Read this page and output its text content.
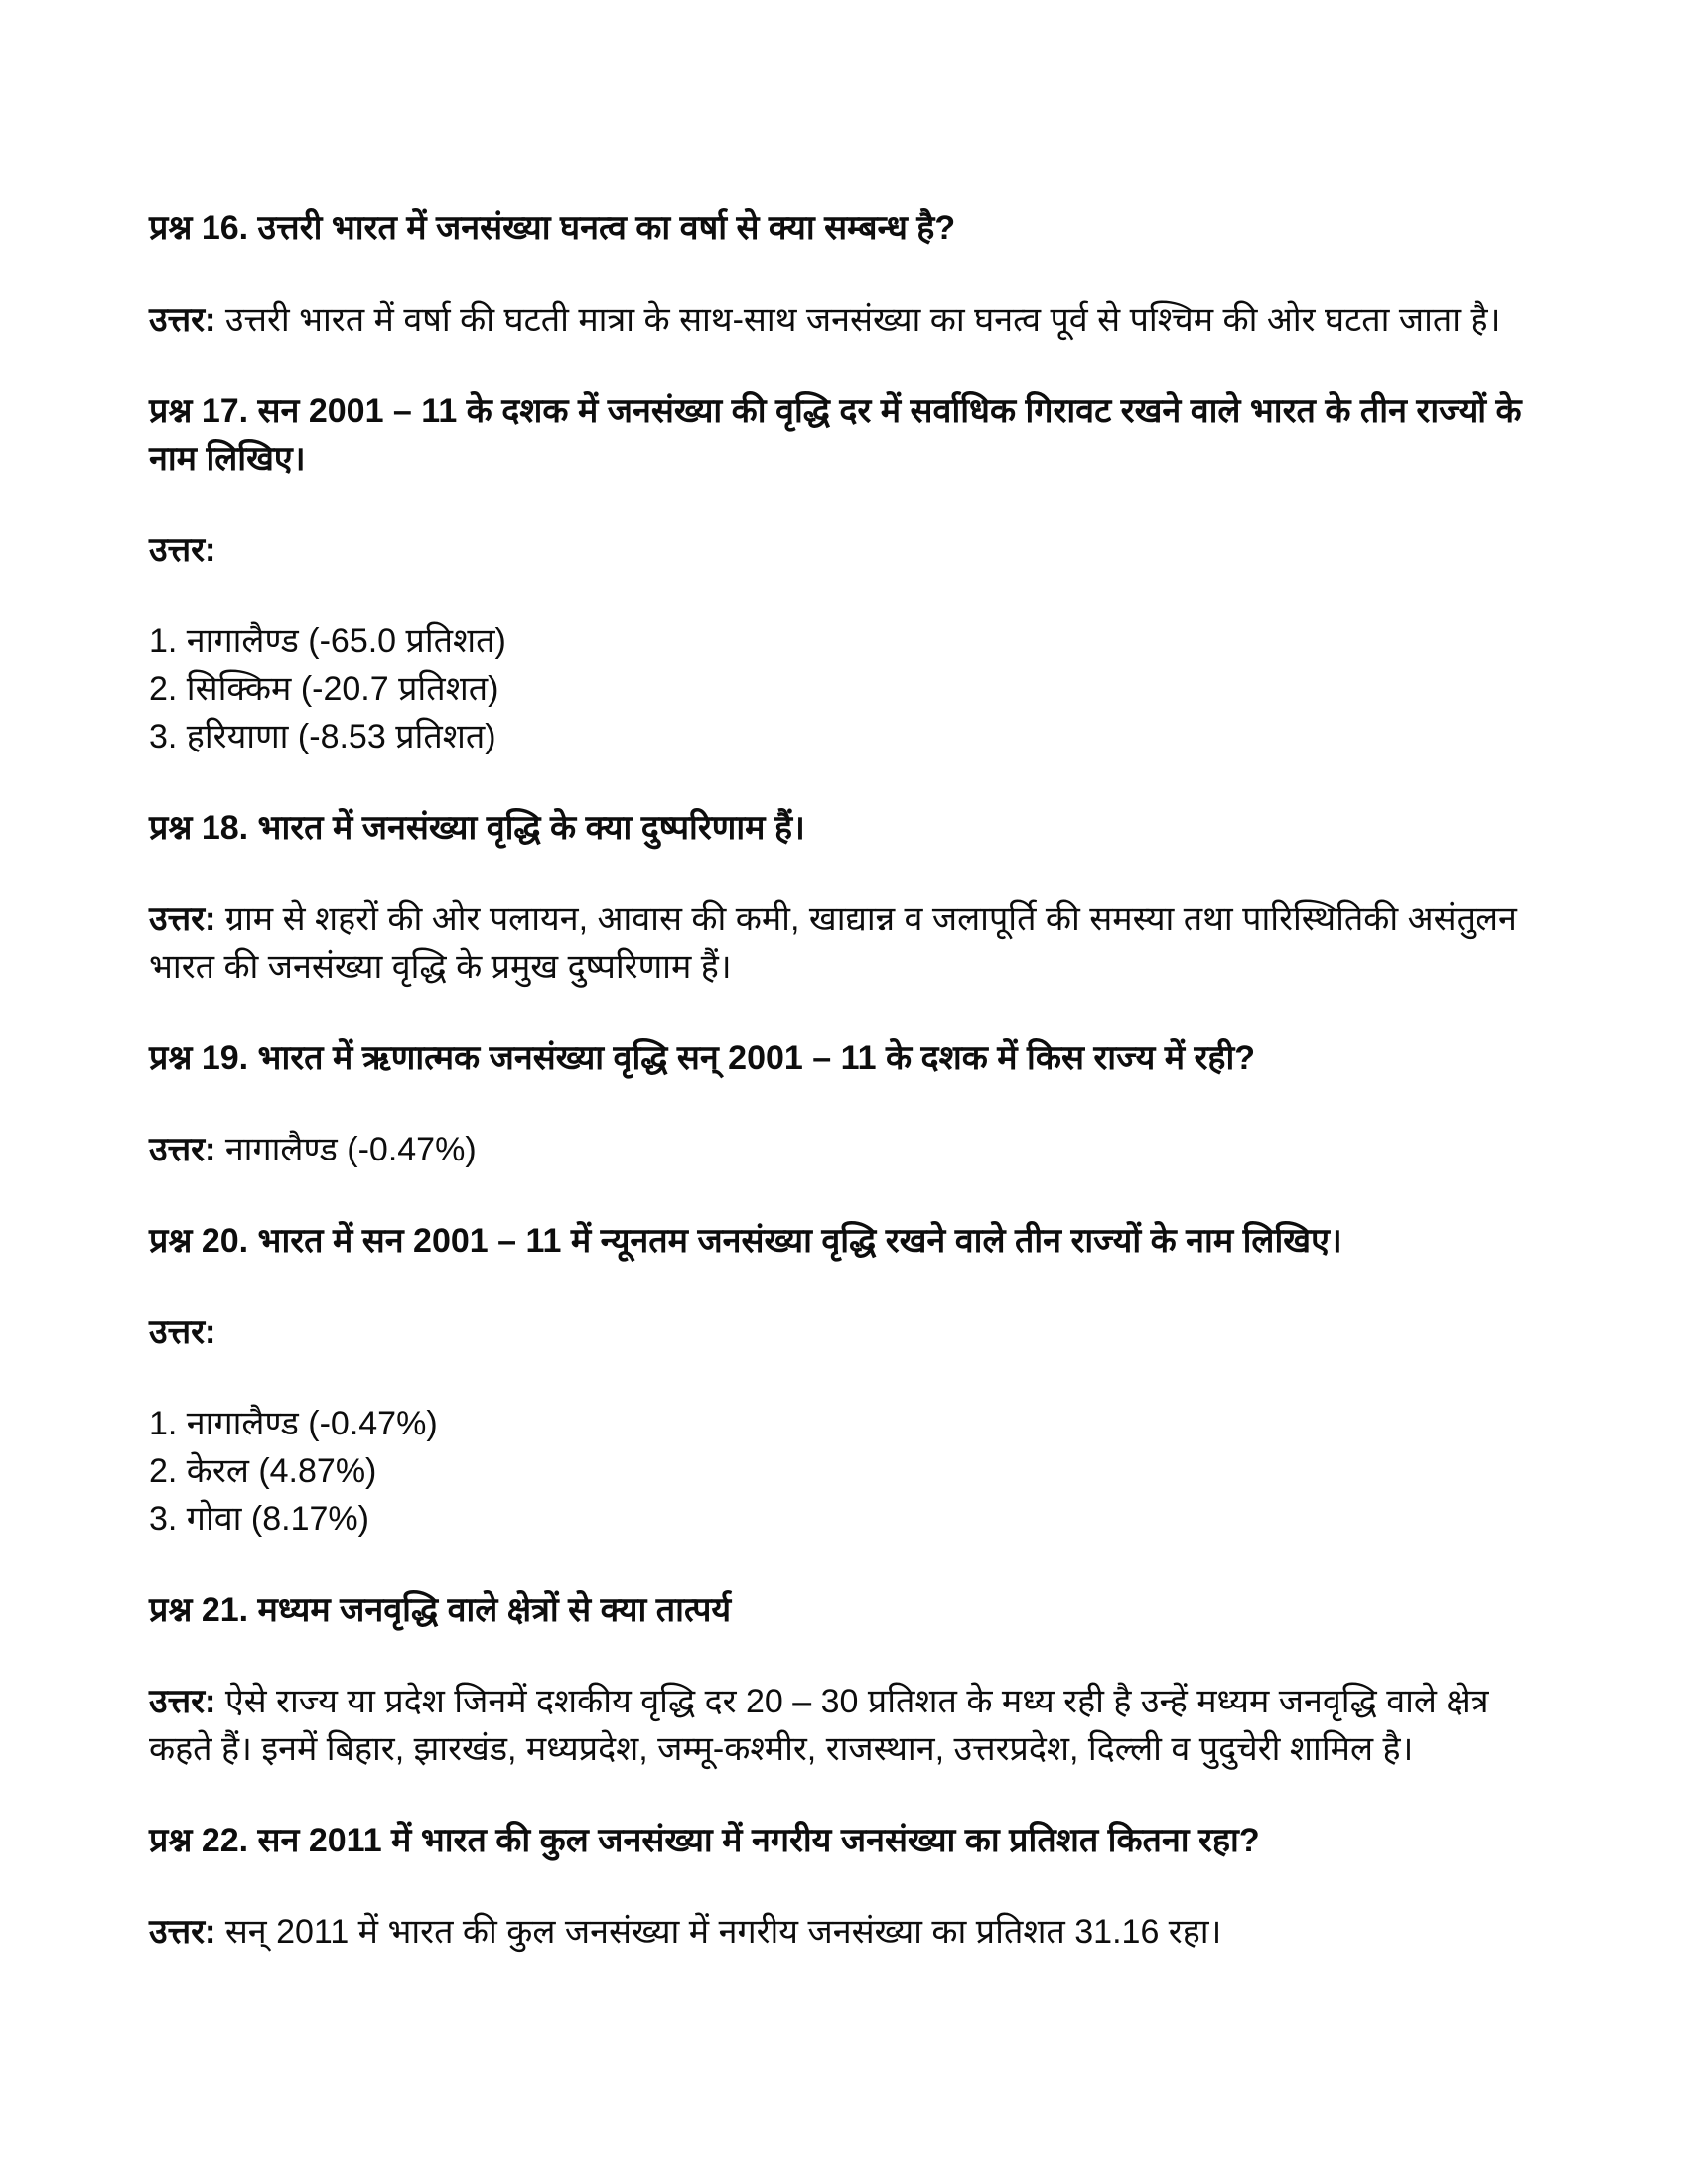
प्रश्न 16. उत्तरी भारत में जनसंख्या घनत्व का वर्षा से क्या सम्बन्ध है?

उत्तर: उत्तरी भारत में वर्षा की घटती मात्रा के साथ-साथ जनसंख्या का घनत्व पूर्व से पश्चिम की ओर घटता जाता है।

प्रश्न 17. सन 2001 – 11 के दशक में जनसंख्या की वृद्धि दर में सर्वाधिक गिरावट रखने वाले भारत के तीन राज्यों के नाम लिखिए।

उत्तर:

1. नागालैण्ड (-65.0 प्रतिशत)
2. सिक्किम (-20.7 प्रतिशत)
3. हरियाणा (-8.53 प्रतिशत)

प्रश्न 18. भारत में जनसंख्या वृद्धि के क्या दुष्परिणाम हैं।

उत्तर: ग्राम से शहरों की ओर पलायन, आवास की कमी, खाद्यान्न व जलापूर्ति की समस्या तथा पारिस्थितिकी असंतुलन भारत की जनसंख्या वृद्धि के प्रमुख दुष्परिणाम हैं।

प्रश्न 19. भारत में ऋणात्मक जनसंख्या वृद्धि सन् 2001 – 11 के दशक में किस राज्य में रही?

उत्तर: नागालैण्ड (-0.47%)

प्रश्न 20. भारत में सन 2001 – 11 में न्यूनतम जनसंख्या वृद्धि रखने वाले तीन राज्यों के नाम लिखिए।

उत्तर:

1. नागालैण्ड (-0.47%)
2. केरल (4.87%)
3. गोवा (8.17%)

प्रश्न 21. मध्यम जनवृद्धि वाले क्षेत्रों से क्या तात्पर्य

उत्तर: ऐसे राज्य या प्रदेश जिनमें दशकीय वृद्धि दर 20 – 30 प्रतिशत के मध्य रही है उन्हें मध्यम जनवृद्धि वाले क्षेत्र कहते हैं। इनमें बिहार, झारखंड, मध्यप्रदेश, जम्मू-कश्मीर, राजस्थान, उत्तरप्रदेश, दिल्ली व पुदुचेरी शामिल है।

प्रश्न 22. सन 2011 में भारत की कुल जनसंख्या में नगरीय जनसंख्या का प्रतिशत कितना रहा?

उत्तर: सन् 2011 में भारत की कुल जनसंख्या में नगरीय जनसंख्या का प्रतिशत 31.16 रहा।
